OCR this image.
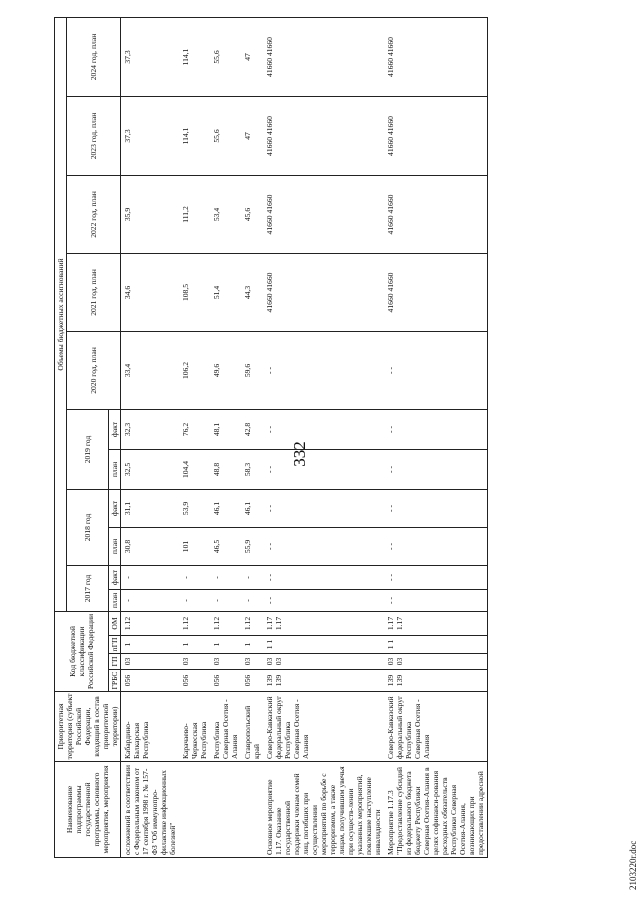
332
Наименование подпрограммы государственной программы, основного мероприятия, мероприятия	Приоритетная территория (субъект Российской Федерации, входящий в состав приоритетной территории)	Код бюджетной классификации Российской Федерации				Объемы бюджетных ассигнований										
						2017 год		2018 год		2019 год		2020 год, план	2021 год, план	2022 год, план	2023 год, план	2024 год, план
		ГРБС	ГП	пГП	ОМ	план	факт	план	факт	план	факт					
осложнений в соответствии с Федеральным законом от 17 сентября 1998 г. № 157-ФЗ "Об иммунопро-филактике инфекционных болезней"	Кабардино-Балкарская Республика	056	03	1	1.12	-	-	30,8	31,1	32,5	32,3	33,4	34,6	35,9	37,3	37,3
	Карачаево-Черкесская Республика	056	03	1	1.12	-	-	101	53,9	104,4	76,2	106,2	108,5	111,2	114,1	114,1
	Республика Северная Осетия - Алания	056	03	1	1.12	-	-	46,5	46,1	48,8	48,1	49,6	51,4	53,4	55,6	55,6
	Ставропольский край	056	03	1	1.12	-	-	55,9	46,1	58,3	42,8	59,6	44,3	45,6	47	47
Основное мероприятие 1.17. Оказание государственной поддержки членам семей лиц, погибших при осуществлении мероприятий по борьбе с терроризмом, а также лицам, получившим увечья при осуществ-лении указанных мероприятий, повлекшие наступление инвалидности	Северо-Кавказский федеральный округ Республика Северная Осетия - Алания	139 139	03 03	1 1	1.17 1.17	- -	- -	- -	- -	- -	- -	- -	41660 41660	41660 41660	41660 41660	41660 41660
Мероприятие 1.17.3 "Предоставление субсидий из федерального бюджета бюджету Республики Северная Осетия-Алания в целях софинанси-рования расходных обязательств Республики Северная Осетия-Алания, возникающих при предоставлении адресной	Северо-Кавказский федеральный округ Республика Северная Осетия - Алания	139 139	03 03	1 1	1.17 1.17	- -	- -	- -	- -	- -	- -	- -	41660 41660	41660 41660	41660 41660	41660 41660
2103220r.doc
